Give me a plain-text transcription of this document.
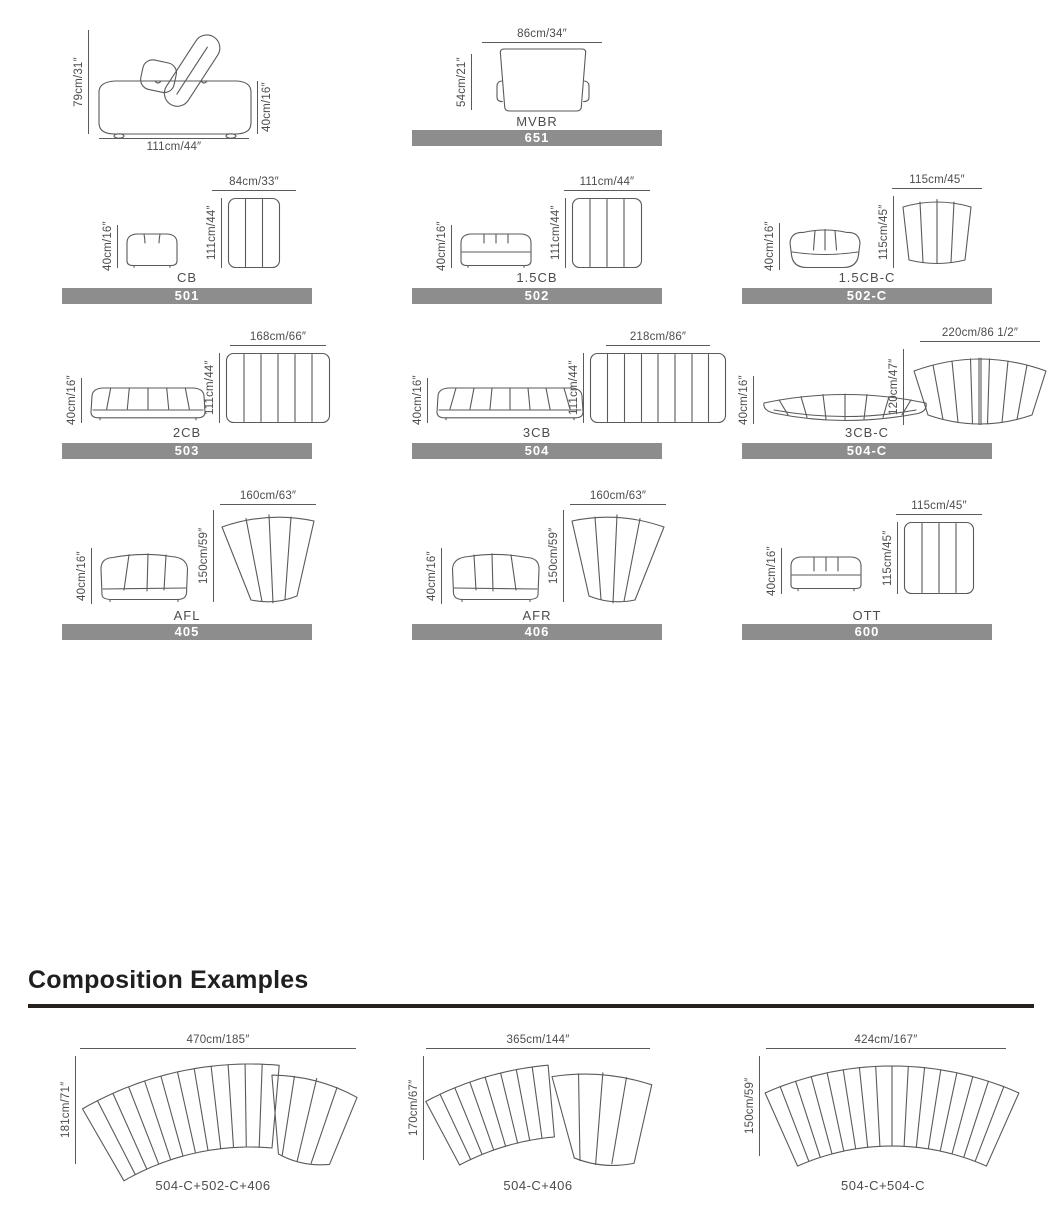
79cm/31″
40cm/16″
111cm/44″
86cm/34″
54cm/21″
MVBR
651
40cm/16″
84cm/33″
111cm/44″
CB
501
40cm/16″
111cm/44″
111cm/44″
1.5CB
502
40cm/16″
115cm/45″
115cm/45″
1.5CB-C
502-C
40cm/16″
168cm/66″
111cm/44″
2CB
503
40cm/16″
218cm/86″
111cm/44″
3CB
504
40cm/16″
220cm/86 1/2″
120cm/47″
3CB-C
504-C
40cm/16″
160cm/63″
150cm/59″
AFL
405
40cm/16″
160cm/63″
150cm/59″
AFR
406
40cm/16″
115cm/45″
115cm/45″
OTT
600
Composition Examples
470cm/185″
181cm/71″
504-C+502-C+406
365cm/144″
170cm/67″
504-C+406
424cm/167″
150cm/59″
504-C+504-C
